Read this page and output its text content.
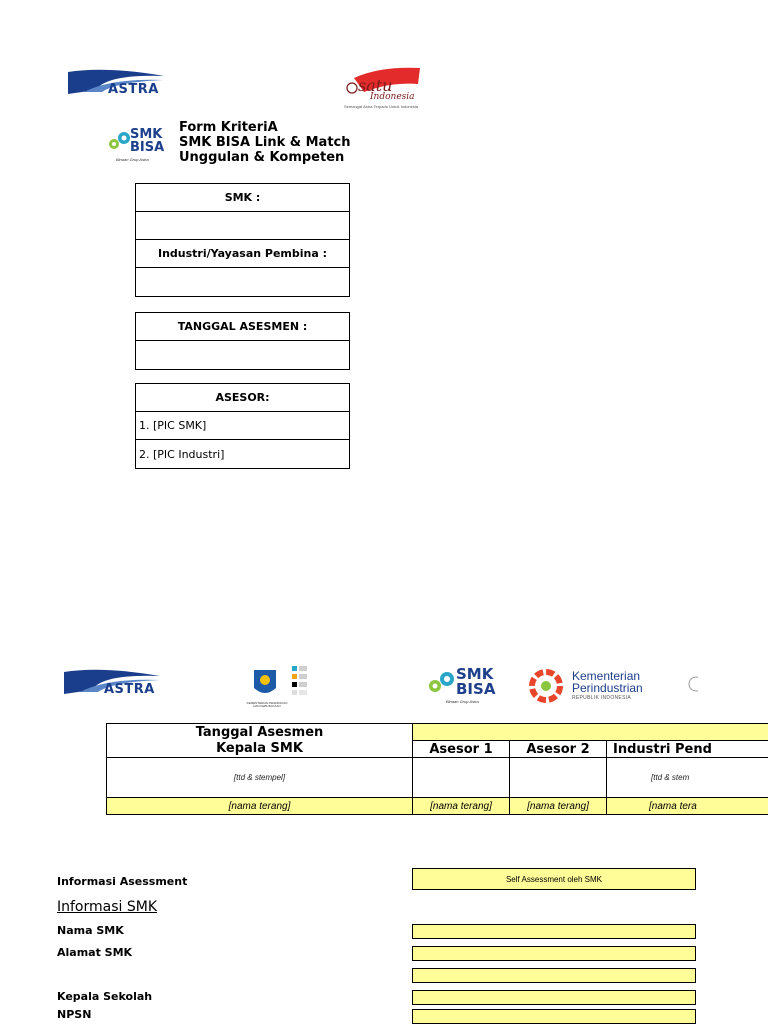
ASTRA	satu
Indonesia
Semangat Astra Terpadu Untuk Indonesia
SMK
BISA
Binaan Grup Astra
Form KriteriA
SMK BISA Link & Match
Unggulan & Kompeten
SMK :
Industri/Yayasan Pembina :
TANGGAL ASESMEN :
ASESOR:
1. [PIC SMK]
2. [PIC Industri]
ASTRA
KEMENTERIAN PENDIDIKAN DAN KEBUDAYAAN
SMK
BISA
Binaan Grup Astra
Kementerian
Perindustrian
REPUBLIK INDONESIA
Tanggal Asesmen			
Kepala SMK	Asesor 1	Asesor 2	Industri Pend
[ttd & stempel]			[ttd & stem
[nama terang]	[nama terang]	[nama terang]	[nama tera
Informasi Asessment	Self Assessment oleh SMK
Informasi SMK
Nama SMK
Alamat SMK
Kepala Sekolah
NPSN
